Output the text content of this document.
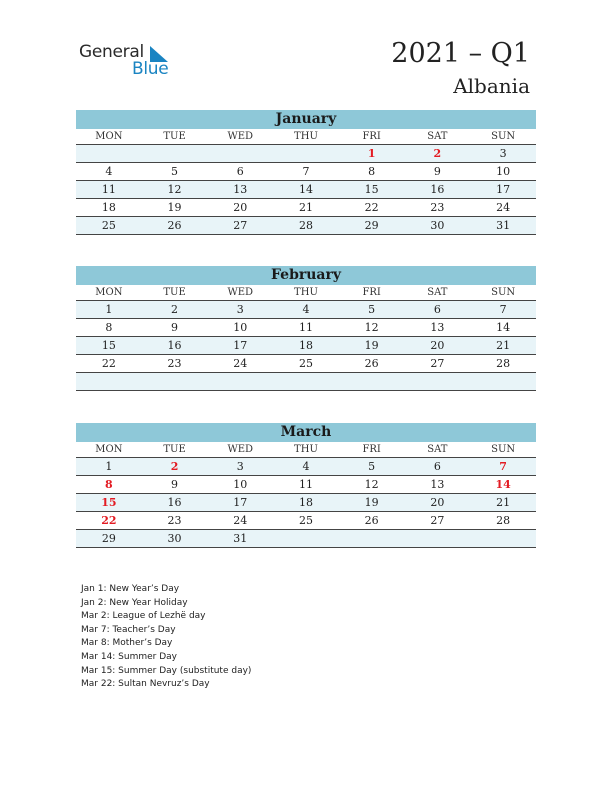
General
Blue	2021 – Q1
Albania
January
MON	TUE	WED	THU	FRI	SAT	SUN
				1	2	3
4	5	6	7	8	9	10
11	12	13	14	15	16	17
18	19	20	21	22	23	24
25	26	27	28	29	30	31
February
MON	TUE	WED	THU	FRI	SAT	SUN
1	2	3	4	5	6	7
8	9	10	11	12	13	14
15	16	17	18	19	20	21
22	23	24	25	26	27	28

March
MON	TUE	WED	THU	FRI	SAT	SUN
1	2	3	4	5	6	7
8	9	10	11	12	13	14
15	16	17	18	19	20	21
22	23	24	25	26	27	28
29	30	31				
Jan 1: New Year’s Day
Jan 2: New Year Holiday
Mar 2: League of Lezhë day
Mar 7: Teacher’s Day
Mar 8: Mother’s Day
Mar 14: Summer Day
Mar 15: Summer Day (substitute day)
Mar 22: Sultan Nevruz’s Day
